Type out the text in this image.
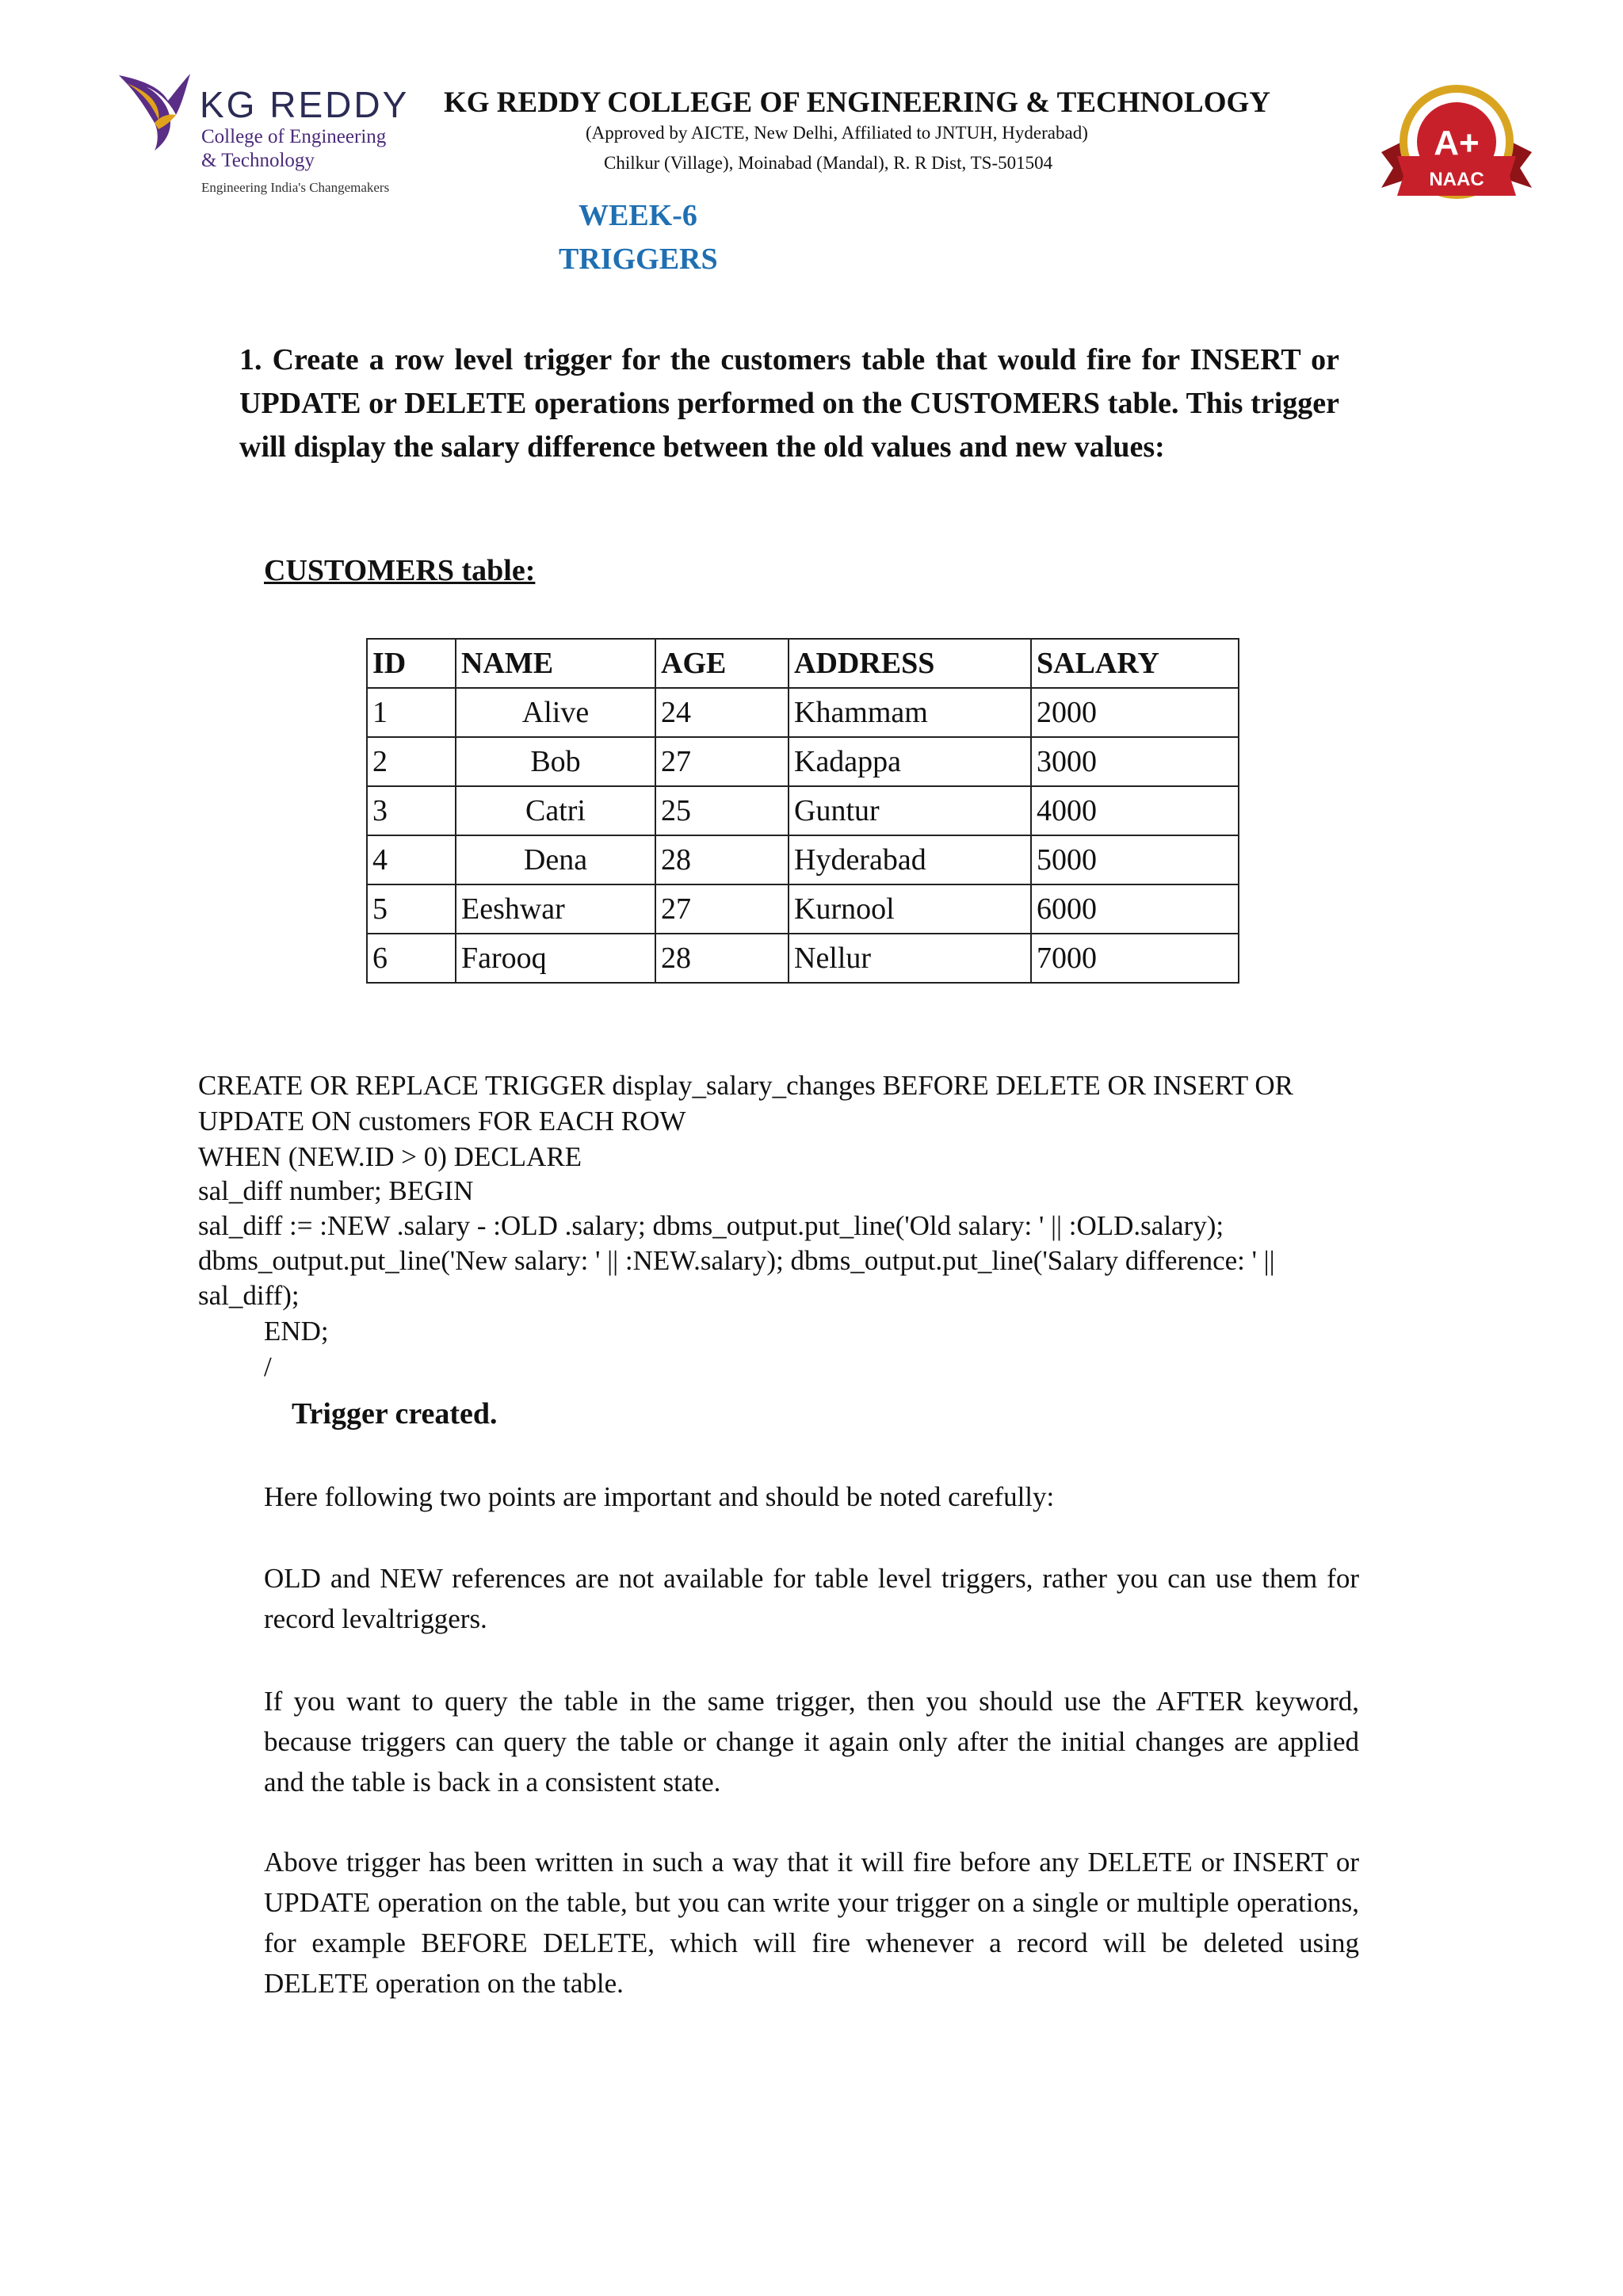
KG REDDY
College of Engineering
& Technology
Engineering India's Changemakers
KG REDDY COLLEGE OF ENGINEERING & TECHNOLOGY
(Approved by AICTE, New Delhi, Affiliated to JNTUH, Hyderabad)
Chilkur (Village), Moinabad (Mandal), R. R Dist, TS-501504
A+
NAAC
WEEK-6
TRIGGERS
1. Create a row level trigger for the customers table that would fire for INSERT or UPDATE or DELETE operations performed on the CUSTOMERS table. This trigger will display the salary difference between the old values and new values:
CUSTOMERS table:
ID	NAME	AGE	ADDRESS	SALARY
1	Alive	24	Khammam	2000
2	Bob	27	Kadappa	3000
3	Catri	25	Guntur	4000
4	Dena	28	Hyderabad	5000
5	Eeshwar	27	Kurnool	6000
6	Farooq	28	Nellur	7000
CREATE OR REPLACE TRIGGER display_salary_changes BEFORE DELETE OR INSERT OR
UPDATE ON customers FOR EACH ROW
WHEN (NEW.ID > 0) DECLARE
sal_diff number; BEGIN
sal_diff := :NEW .salary - :OLD .salary; dbms_output.put_line('Old salary: ' || :OLD.salary);
dbms_output.put_line('New salary: ' || :NEW.salary); dbms_output.put_line('Salary difference: ' ||
sal_diff);
END;
/
Trigger created.
Here following two points are important and should be noted carefully:
OLD and NEW references are not available for table level triggers, rather you can use them for record levaltriggers.
If you want to query the table in the same trigger, then you should use the AFTER keyword, because triggers can query the table or change it again only after the initial changes are applied and the table is back in a consistent state.
Above trigger has been written in such a way that it will fire before any DELETE or INSERT or UPDATE operation on the table, but you can write your trigger on a single or multiple operations, for example BEFORE DELETE, which will fire whenever a record will be deleted using DELETE operation on the table.
